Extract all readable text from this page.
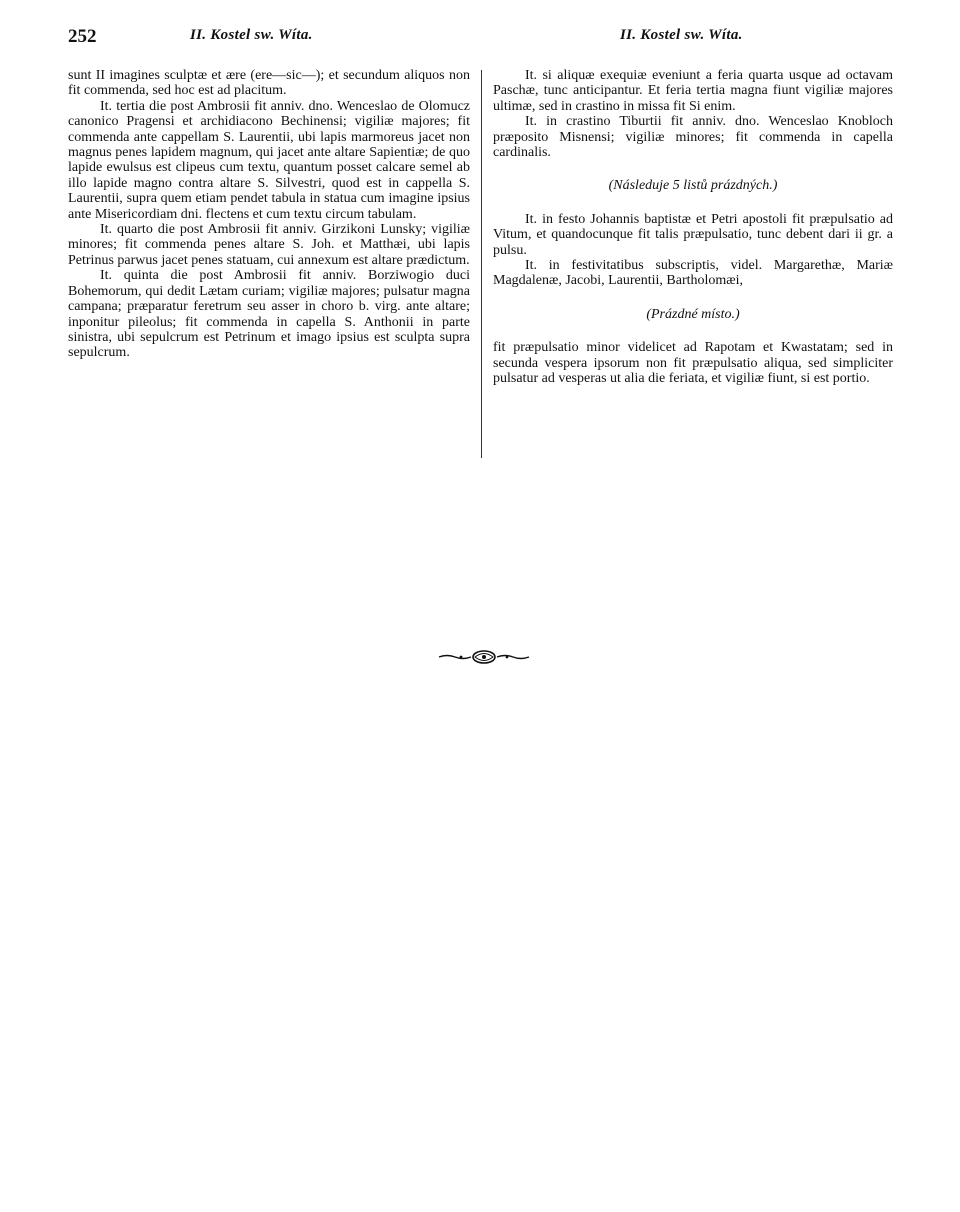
252	II. Kostel sw. Wíta.	II. Kostel sw. Wíta.

sunt II imagines sculptæ et ære (ere—sic—); et secundum aliquos non fit commenda, sed hoc est ad placitum.

It. tertia die post Ambrosii fit anniv. dno. Wenceslao de Olomucz canonico Pragensi et archidiacono Bechinensi; vigiliæ majores; fit commenda ante cappellam S. Laurentii, ubi lapis marmoreus jacet non magnus penes lapidem magnum, qui jacet ante altare Sapientiæ; de quo lapide ewulsus est clipeus cum textu, quantum posset calcare semel ab illo lapide magno contra altare S. Silvestri, quod est in cappella S. Laurentii, supra quem etiam pendet tabula in statua cum imagine ipsius ante Misericordiam dni. flectens et cum textu circum tabulam.

It. quarto die post Ambrosii fit anniv. Girzikoni Lunsky; vigiliæ minores; fit commenda penes altare S. Joh. et Matthæi, ubi lapis Petrinus parwus jacet penes statuam, cui annexum est altare prædictum.

It. quinta die post Ambrosii fit anniv. Borziwogio duci Bohemorum, qui dedit Lætam curiam; vigiliæ majores; pulsatur magna campana; præparatur feretrum seu asser in choro b. virg. ante altare; inponitur pileolus; fit commenda in capella S. Anthonii in parte sinistra, ubi sepulcrum est Petrinum et imago ipsius est sculpta supra sepulcrum.

It. si aliquæ exequiæ eveniunt a feria quarta usque ad octavam Paschæ, tunc anticipantur. Et feria tertia magna fiunt vigiliæ majores ultimæ, sed in crastino in missa fit Si enim.

It. in crastino Tiburtii fit anniv. dno. Wenceslao Knobloch præposito Misnensi; vigiliæ minores; fit commenda in capella cardinalis.

(Následuje 5 listů prázdných.)

It. in festo Johannis baptistæ et Petri apostoli fit præpulsatio ad Vitum, et quandocunque fit talis præpulsatio, tunc debent dari ii gr. a pulsu.

It. in festivitatibus subscriptis, videl. Margarethæ, Mariæ Magdalenæ, Jacobi, Laurentii, Bartholomæi,

(Prázdné místo.)

fit præpulsatio minor videlicet ad Rapotam et Kwastatam; sed in secunda vespera ipsorum non fit præpulsatio aliqua, sed simpliciter pulsatur ad vesperas ut alia die feriata, et vigiliæ fiunt, si est portio.
